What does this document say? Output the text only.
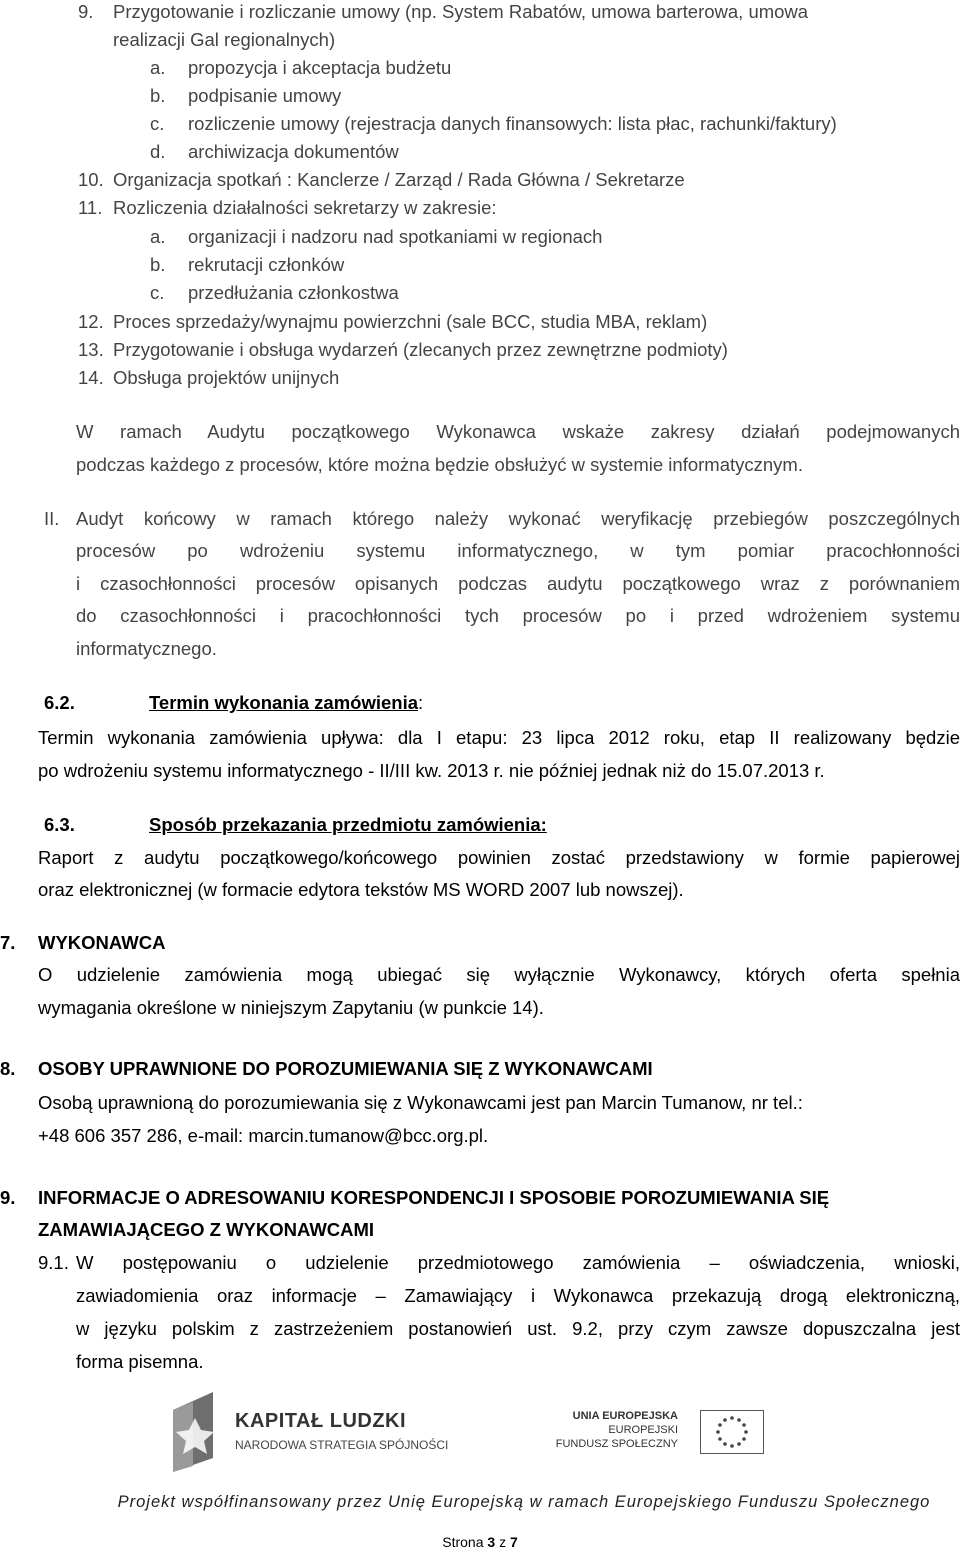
9. Przygotowanie i rozliczanie umowy (np. System Rabatów, umowa barterowa, umowa
realizacji Gal regionalnych)
a. propozycja i akceptacja budżetu
b. podpisanie umowy
c. rozliczenie umowy (rejestracja danych finansowych: lista płac, rachunki/faktury)
d. archiwizacja dokumentów
10. Organizacja spotkań : Kanclerze / Zarząd / Rada Główna / Sekretarze
11. Rozliczenia działalności sekretarzy w zakresie:
a. organizacji i nadzoru nad spotkaniami w regionach
b. rekrutacji członków
c. przedłużania członkostwa
12. Proces sprzedaży/wynajmu powierzchni (sale BCC, studia MBA, reklam)
13. Przygotowanie i obsługa wydarzeń (zlecanych przez zewnętrzne podmioty)
14. Obsługa projektów unijnych
W ramach Audytu początkowego Wykonawca wskaże zakresy działań podejmowanych
podczas każdego z procesów, które można będzie obsłużyć w systemie informatycznym.
II. Audyt końcowy w ramach którego należy wykonać weryfikację przebiegów poszczególnych
procesów po wdrożeniu systemu informatycznego, w tym pomiar pracochłonności
i czasochłonności procesów opisanych podczas audytu początkowego wraz z porównaniem
do czasochłonności i pracochłonności tych procesów po i przed wdrożeniem systemu
informatycznego.
6.2.	Termin wykonania zamówienia:
Termin wykonania zamówienia upływa: dla I etapu: 23 lipca 2012 roku, etap II realizowany będzie
po wdrożeniu systemu informatycznego - II/III kw. 2013 r. nie później jednak niż do 15.07.2013 r.
6.3.	Sposób przekazania przedmiotu zamówienia:
Raport z audytu początkowego/końcowego powinien zostać przedstawiony w formie papierowej
oraz elektronicznej (w formacie edytora tekstów MS WORD 2007 lub nowszej).
7. WYKONAWCA
O udzielenie zamówienia mogą ubiegać się wyłącznie Wykonawcy, których oferta spełnia
wymagania określone w niniejszym Zapytaniu (w punkcie 14).
8. OSOBY UPRAWNIONE DO POROZUMIEWANIA SIĘ Z WYKONAWCAMI
Osobą uprawnioną do porozumiewania się z Wykonawcami jest pan Marcin Tumanow, nr tel.:
+48 606 357 286, e-mail: marcin.tumanow@bcc.org.pl.
9. INFORMACJE O ADRESOWANIU KORESPONDENCJI I SPOSOBIE POROZUMIEWANIA SIĘ
ZAMAWIAJĄCEGO Z WYKONAWCAMI
9.1. W postępowaniu o udzielenie przedmiotowego zamówienia – oświadczenia, wnioski,
zawiadomienia oraz informacje – Zamawiający i Wykonawca przekazują drogą elektroniczną,
w języku polskim z zastrzeżeniem postanowień ust. 9.2, przy czym zawsze dopuszczalna jest
forma pisemna.
KAPITAŁ LUDZKI
NARODOWA STRATEGIA SPÓJNOŚCI
UNIA EUROPEJSKA
EUROPEJSKI
FUNDUSZ SPOŁECZNY
Projekt współfinansowany przez Unię Europejską w ramach Europejskiego Funduszu Społecznego
Strona 3 z 7
